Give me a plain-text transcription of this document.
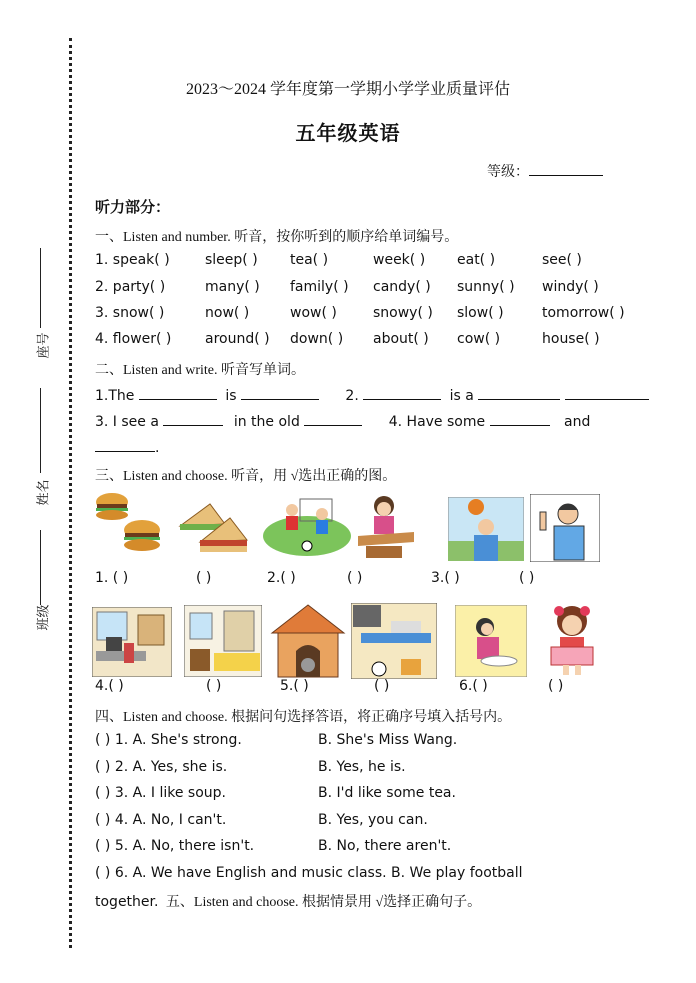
座号
姓名
班级
2023～2024 学年度第一学期小学学业质量评估
五年级英语
等级：
听力部分：
一、Listen and number. 听音，按你听到的顺序给单词编号。
1. speak( )	sleep( ) tea( )	week( ) eat( )	see( )
2. party( )	many( ) family( ) candy( ) sunny( ) windy( )
3. snow( )	now( )	wow( )	snowy( ) slow( )	tomorrow( )
4. flower( ) around( ) down( ) about( ) cow( )	house( )
二、Listen and write. 听音写单词。
1.The	is	2.	is a
3. I see a	in the old	4. Have some	and
.
三、Listen and choose. 听音，用 √选出正确的图。
1. ( )	( )	2.( )	( )	3.( )	( )
4.( )	( )	5.( )	( )	6.( )	( )
四、Listen and choose. 根据问句选择答语，将正确序号填入括号内。
( ) 1. A. She's strong.	B. She's Miss Wang.
( ) 2. A. Yes, she is.	B. Yes, he is.
( ) 3. A. I like soup.	B. I'd like some tea.
( ) 4. A. No, I can't.	B. Yes, you can.
( ) 5. A. No, there isn't.	B. No, there aren't.
( ) 6. A. We have English and music class. B. We play football
together. 五、Listen and choose. 根据情景用 √选择正确句子。
